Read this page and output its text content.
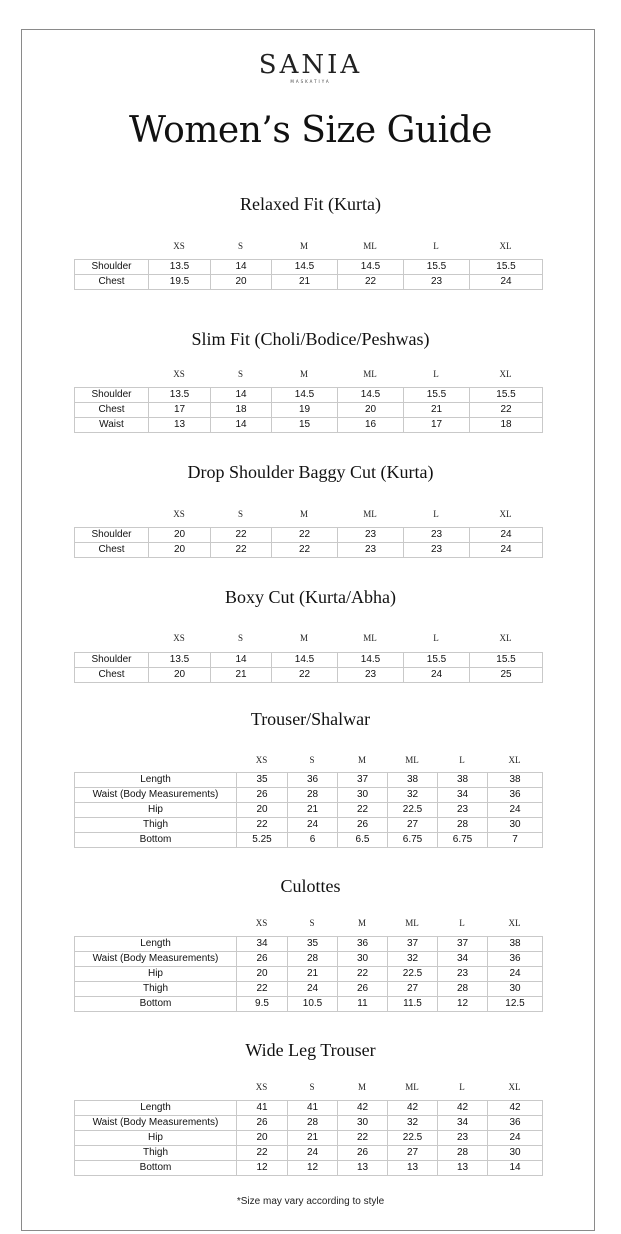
SANIA
MASKATIYA
Women’s Size Guide
Relaxed Fit (Kurta)
XS	S	M	ML	L	XL
Shoulder	13.5	14	14.5	14.5	15.5	15.5
Chest	19.5	20	21	22	23	24
Slim Fit (Choli/Bodice/Peshwas)
XS	S	M	ML	L	XL
Shoulder	13.5	14	14.5	14.5	15.5	15.5
Chest	17	18	19	20	21	22
Waist	13	14	15	16	17	18
Drop Shoulder Baggy Cut (Kurta)
XS	S	M	ML	L	XL
Shoulder	20	22	22	23	23	24
Chest	20	22	22	23	23	24
Boxy Cut (Kurta/Abha)
XS	S	M	ML	L	XL
Shoulder	13.5	14	14.5	14.5	15.5	15.5
Chest	20	21	22	23	24	25
Trouser/Shalwar
XS	S	M	ML	L	XL
Length	35	36	37	38	38	38
Waist (Body Measurements)	26	28	30	32	34	36
Hip	20	21	22	22.5	23	24
Thigh	22	24	26	27	28	30
Bottom	5.25	6	6.5	6.75	6.75	7
Culottes
XS	S	M	ML	L	XL
Length	34	35	36	37	37	38
Waist (Body Measurements)	26	28	30	32	34	36
Hip	20	21	22	22.5	23	24
Thigh	22	24	26	27	28	30
Bottom	9.5	10.5	11	11.5	12	12.5
Wide Leg Trouser
XS	S	M	ML	L	XL
Length	41	41	42	42	42	42
Waist (Body Measurements)	26	28	30	32	34	36
Hip	20	21	22	22.5	23	24
Thigh	22	24	26	27	28	30
Bottom	12	12	13	13	13	14
*Size may vary according to style
